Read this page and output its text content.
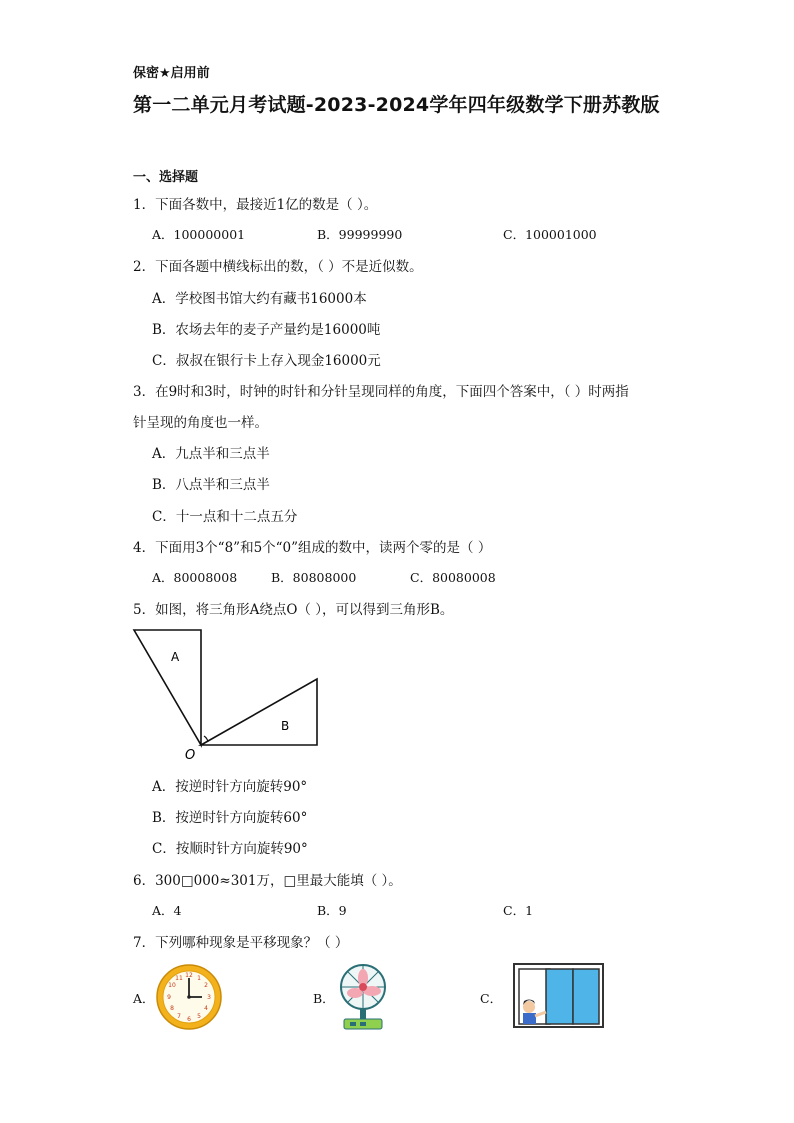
保密★启用前
第一二单元月考试题-2023-2024学年四年级数学下册苏教版
一、选择题
1．下面各数中，最接近1亿的数是（ ）。
A．100000001	B．99999990	C．100001000
2．下面各题中横线标出的数，（ ）不是近似数。
A．学校图书馆大约有藏书16000本
B．农场去年的麦子产量约是16000吨
C．叔叔在银行卡上存入现金16000元
3．在9时和3时，时钟的时针和分针呈现同样的角度，下面四个答案中，（ ）时两指
针呈现的角度也一样。
A．九点半和三点半
B．八点半和三点半
C．十一点和十二点五分
4．下面用3个“8”和5个“0”组成的数中，读两个零的是（ ）
A．80008008	B．80808000	C．80080008
5．如图，将三角形A绕点O（ ），可以得到三角形B。
A
B
O
A．按逆时针方向旋转90°
B．按逆时针方向旋转60°
C．按顺时针方向旋转90°
6．300□000≈301万，□里最大能填（ ）。
A．4	B．9	C．1
7．下列哪种现象是平移现象？（ ）
A．
12 1
2
3
4
5
6
7
8
9
10
11
B．	C．
